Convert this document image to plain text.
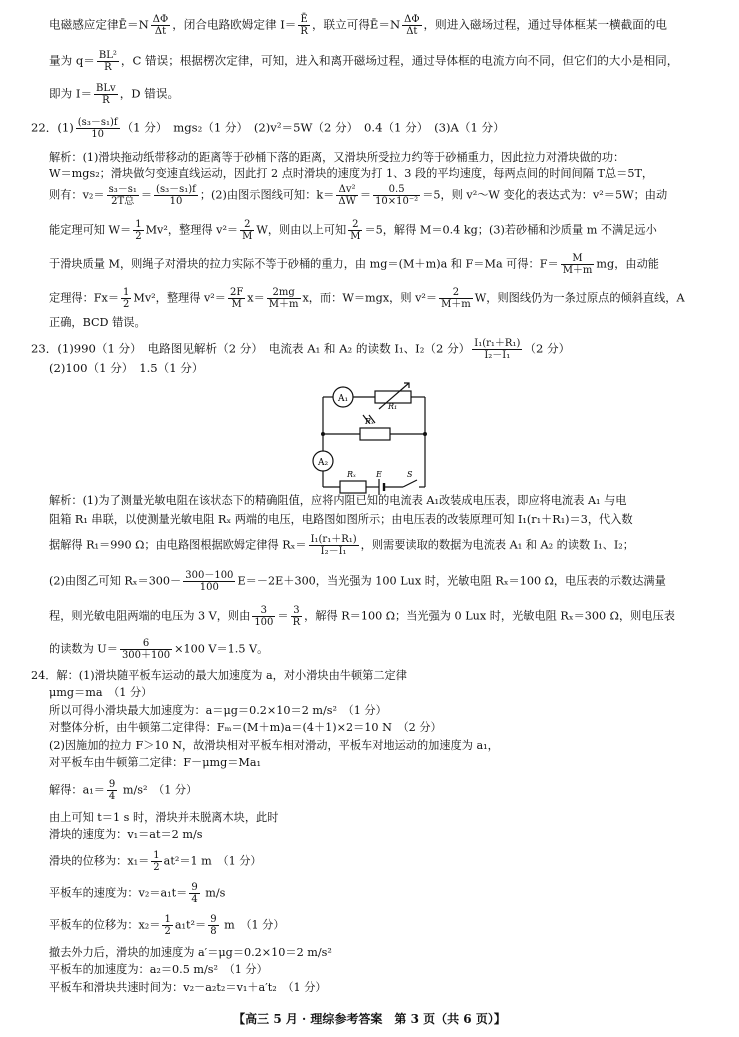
电磁感应定律Ē＝N $\frac{\Delta\Phi}{\Delta t}$ ，闭合电路欧姆定律 $I= \frac{Ē}{R}$ ，联立可得Ē＝N $\frac{\Delta\Phi}{\Delta t}$ ，则进入磁场过程，通过导体框某一横截面的电
量为 $q= \frac{\text{BL²}}{R}$ ，C 错误；根据楞次定律，可知，进入和离开磁场过程，通过导体框的电流方向不同，但它们的大小是相同，
即为 $I= \frac{\text{BLv}}{R}$ ，D 错误。
22．$(1) \frac{\text{(s₃－s₁)f}}{10} (1$ 分）　mgs₂（1 分）　(2)v²＝5W（2 分）　0.4（1 分）　(3)A（1 分）
解析：(1)滑块拖动纸带移动的距离等于砂桶下落的距离，又滑块所受拉力约等于砂桶重力，因此拉力对滑块做的功：
W＝mgs₂；滑块做匀变速直线运动，因此打 2 点时滑块的速度为打 1、3 段的平均速度，每两点间的时间间隔 T总＝5T，
则有：$v_2= \frac{\text{s₃－s₁}}{\text{2T总}} = \frac{\text{(s₃－s₁)f}}{10}$ ；(2)由图示图线可知：$k= \frac{\text{Δv²}}{\Delta W} = \frac{0.5}{\text{10×10⁻²}} =5$，则 v²～W 变化的表达式为：v²＝5W；由动
能定理可知 $W= \frac{1}{2} Mv^2$，整理得 $v^2= \frac{2}{M}$ W，则由以上可知 $\frac{2}{M} =5$，解得 M＝0.4 kg；(3)若砂桶和沙质量 m 不满足远小
于滑块质量 M，则绳子对滑块的拉力实际不等于砂桶的重力，由 mg＝(M＋m)a 和 F＝Ma 可得：$F= \frac{M}{M+m}$ mg，由动能
定理得：$Fx= \frac{1}{2} Mv^2$，整理得 $v^2= \frac{2F}{M} x= \frac{2mg}{M+m}$ x，而：W＝mgx，则 $v^2= \frac{2}{M+m}$ W，则图线仍为一条过原点的倾斜直线，A
正确，BCD 错误。
23．(1)990（1 分）　电路图见解析（2 分）　电流表 A₁ 和 A₂ 的读数 I₁、I₂（2 分） $\frac{\text{I₁(r₁＋R₁)}}{\text{I₂－I₁}} (2$ 分）
(2)100（1 分）　1.5（1 分）
A₁
A₂
R₁
Rₓ
Rₓ	E	S
解析：(1)为了测量光敏电阻在该状态下的精确阻值，应将内阻已知的电流表 A₁改装成电压表，即应将电流表 A₁ 与电
阻箱 R₁ 串联，以使测量光敏电阻 Rₓ 两端的电压，电路图如图所示；由电压表的改装原理可知 I₁(r₁＋R₁)＝3，代入数
据解得 R₁＝990 Ω；由电路图根据欧姆定律得 $R_x= \frac{\text{I₁(r₁＋R₁)}}{\text{I₂－I₁}}$ ，则需要读取的数据为电流表 A₁ 和 A₂ 的读数 I₁、I₂；
(2)由图乙可知 $R_x=300- \frac{300-100}{100} E=-2E+300$，当光强为 100 Lux 时，光敏电阻 Rₓ＝100 Ω，电压表的示数达满量
程，则光敏电阻两端的电压为 3 V，则由 $\frac{3}{100} = \frac{3}{R}$ ，解得 R＝100 Ω；当光强为 0 Lux 时，光敏电阻 Rₓ＝300 Ω，则电压表
的读数为 $U= \frac{6}{300+100} \times 100$ V＝1.5 V。
24．解：(1)滑块随平板车运动的最大加速度为 a，对小滑块由牛顿第二定律
μmg＝ma　（1 分）
所以可得小滑块最大加速度为：a＝μg＝0.2×10＝2 m/s²　（1 分）
对整体分析，由牛顿第二定律得：Fₘ＝(M＋m)a＝(4＋1)×2＝10 N　（2 分）
(2)因施加的拉力 F＞10 N，故滑块相对平板车相对滑动，平板车对地运动的加速度为 a₁，
对平板车由牛顿第二定律：F－μmg＝Ma₁
解得：$a_1= \frac{9}{4} m/s^2$　（1 分）
由上可知 t＝1 s 时，滑块并未脱离木块，此时
滑块的速度为：v₁＝at＝2 m/s
滑块的位移为：$x_1= \frac{1}{2} at^2=1$ m　（1 分）
平板车的速度为：$v_2=a_1t= \frac{9}{4} m/s$
平板车的位移为：$x_2= \frac{1}{2} a_1t^2= \frac{9}{8}$ m　（1 分）
撤去外力后，滑块的加速度为 a′＝μg＝0.2×10＝2 m/s²
平板车的加速度为：a₂＝0.5 m/s²　（1 分）
平板车和滑块共速时间为：v₂－a₂t₂＝v₁＋a′t₂　（1 分）
【高三 5 月 · 理综参考答案　第 3 页（共 6 页）】
